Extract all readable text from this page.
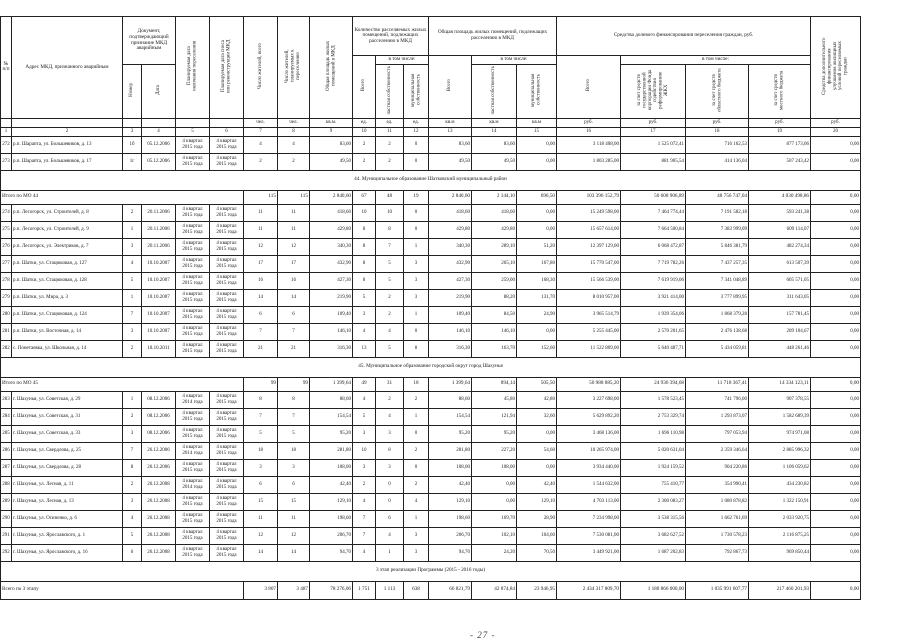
№ п/п	Адрес МКД, признанного аварийным	Документ, подтверждающий признание МКД аварийным		Планируемая дата окончания переселения	Планируемая дата сноса или реконструкции МКД	Число жителей, всего	Число жителей, планируемых к переселению	Общая площадь жилых помещений в МКД	Количество расселяемых жилых помещений, подлежащих расселению в МКД			Общая площадь жилых помещений, подлежащих расселению в МКД			Средства долевого финансирования переселения граждан, руб.				Средства дополнительного финансирования улучшения жилищных условий переселяемых граждан
									Всего	в том числе:		Всего	в том числе:		Всего	в том числе:			
		Номер	Дата							частная собственность	муниципальная собственность		частная собственность	муниципальная собственность		за счет средств государственной корпорации Фонда содействия реформированию ЖКХ	за счет средств областного бюджета	за счет средств местного бюджета	
						чел.	чел.	кв.м.	ед.	ед.	ед.	кв.м	кв.м	кв.м	руб.	руб.	руб.	руб.	руб.
1	2	3	4	5	6	7	8	9	10	11	12	13	14	15	16	17	18	19	20
272	р.п. Шарапта, ул. Большевиков, д. 13	1б	05.12.2006	4 квартал 2015 года	4 квартал 2015 года	4	4	83,60	2	2	0	83,60	83,60	0,00	3 118 408,00	1 525 072,41	716 162,53	877 173,06	0,00
273	р.п. Шарапта, ул. Большевиков, д. 17	1г	05.12.2006	4 квартал 2015 года	4 квартал 2015 года	2	2	49,50	2	2	0	49,50	49,50	0,00	1 803 285,00	881 905,54	414 136,04	507 243,42	0,00
44. Муниципальное образование Шатковский муниципальный район																			
Итого по МО 44						115	115	2 840,60	67	48	19	2 840,60	2 144,10	696,50	103 396 152,79	50 608 906,89	48 756 747,04	4 030 498,86	0,00
274	р.п. Лесогорск, ул. Строителей, д. 8	2	20.11.2006	4 квартал 2015 года	4 квартал 2015 года	11	11	418,60	10	10	0	418,60	418,60	0,00	15 249 598,00	7 464 774,44	7 191 582,18	593 241,38	0,00
275	р.п. Лесогорск, ул. Строителей, д. 9	1	20.11.2006	4 квартал 2015 года	4 квартал 2015 года	11	11	429,80	8	8	0	429,80	429,80	0,00	15 657 614,00	7 664 500,84	7 383 999,09	609 114,07	0,00
276	р.п. Лесогорск, ул. Электриков, д. 7	3	20.11.2006	4 квартал 2015 года	4 квартал 2015 года	12	12	340,30	8	7	1	340,30	289,10	51,20	12 397 129,00	6 068 472,87	5 846 381,79	482 274,34	0,00
277	р.п. Шатки, ул. Стацюковая, д. 127	4	10.10.2007	4 квартал 2015 года	4 квартал 2015 года	17	17	432,90	8	5	3	432,90	265,10	167,80	15 770 547,00	7 719 782,26	7 437 257,35	613 507,39	0,00
278	р.п. Шатки, ул. Стацюковая, д. 128	5	10.10.2007	4 квартал 2015 года	4 квартал 2015 года	16	16	427,30	8	5	3	427,30	259,00	168,30	15 566 539,00	7 619 919,06	7 341 048,89	605 571,05	0,00
279	р.п. Шатки, ул. Мира, д. 3	1	10.10.2007	4 квартал 2015 года	4 квартал 2015 года	14	14	219,90	5	2	3	219,90	88,20	131,70	8 010 957,00	3 921 414,00	3 777 899,95	311 643,05	0,00
280	р.п. Шатки, ул. Стацюковая, д. 124	7	10.10.2007	4 квартал 2015 года	4 квартал 2015 года	6	6	109,40	3	2	1	109,40	84,50	24,90	3 965 514,79	1 939 354,06	1 868 379,28	157 781,45	0,00
281	р.п. Шатки, ул. Восточная, д. 14	3	10.10.2007	4 квартал 2015 года	4 квартал 2015 года	7	7	146,10	4	4	0	146,10	146,10	0,00	5 255 445,00	2 570 201,65	2 476 138,68	209 104,67	0,00
282	с. Понетаевка, ул. Школьная, д. 14	2	18.10.2011	4 квартал 2015 года	4 квартал 2015 года	21	21	316,30	13	5	8	316,30	163,70	152,60	11 522 809,00	5 640 487,71	5 434 059,81	448 261,46	0,00
45. Муниципальное образование городской округ город Шахунья																			
Итого по МО 45						99	99	1 399,64	49	31	18	1 399,64	894,14	505,50	50 988 885,20	24 936 394,68	11 718 367,41	14 334 123,11	0,00
283	г. Шахунья, ул. Советская, д. 29	1	08.12.2006	4 квартал 2014 года	4 квартал 2015 года	8	8	88,60	4	2	2	88,60	45,80	42,80	3 227 698,00	1 578 523,45	741 796,00	907 378,55	0,00
284	г. Шахунья, ул. Советская, д. 31	2	08.12.2006	4 квартал 2015 года	4 квартал 2015 года	7	7	154,54	5	4	1	154,54	121,94	32,60	5 629 892,20	2 753 329,74	1 293 873,07	1 582 689,39	0,00
285	г. Шахунья, ул. Советская, д. 33	3	08.12.2006	4 квартал 2015 года	4 квартал 2015 года	5	5	95,20	3	3	0	95,20	95,20	0,00	3 468 136,00	1 696 110,98	797 053,94	974 971,08	0,00
286	г. Шахунья, ул. Свердлова, д. 25	7	26.12.2006	4 квартал 2014 года	4 квартал 2015 года	18	18	281,80	10	8	2	281,80	227,20	54,60	10 265 974,00	5 020 631,04	2 359 346,64	2 885 996,32	0,00
287	г. Шахунья, ул. Свердлова, д. 28	8	26.12.2006	4 квартал 2015 года	4 квартал 2015 года	3	3	108,00	3	3	0	108,00	108,00	0,00	3 934 440,00	1 924 159,52	904 220,86	1 106 059,62	0,00
288	г. Шахунья, ул. Лесная, д. 11	2	26.12.2008	4 квартал 2014 года	4 квартал 2015 года	6	6	42,40	2	0	2	42,40	0,00	42,40	1 544 632,00	755 410,77	354 990,41	434 230,82	0,00
289	г. Шахунья, ул. Лесная, д. 13	3	26.12.2008	4 квартал 2015 года	4 квартал 2015 года	15	15	129,10	4	0	4	129,10	0,00	129,10	4 703 113,00	2 300 083,27	1 080 878,82	1 322 150,91	0,00
290	г. Шахунья, ул. Осипенко, д. 6	4	26.12.2008	4 квартал 2015 года	4 квартал 2015 года	11	11	198,60	7	6	1	198,60	169,70	28,90	7 234 998,00	3 538 315,56	1 662 761,69	2 033 920,75	0,00
291	г. Шахунья, ул. Ярославского, д. 1	5	26.12.2008	4 квартал 2015 года	4 квартал 2015 года	12	12	206,70	7	4	3	206,70	102,10	104,60	7 530 081,00	3 682 627,52	1 730 578,23	2 116 875,25	0,00
292	г. Шахунья, ул. Ярославского, д. 16	6	26.12.2008	4 квартал 2015 года	4 квартал 2015 года	14	14	94,70	4	1	3	94,70	24,20	70,50	3 449 921,00	1 687 202,83	792 867,73	969 850,44	0,00
3 этап реализации Программы (2015 - 2016 годы)																			
Всего по 3 этапу						3 807	3 487	78 276,06	1 751	1 113	638	66 821,79	42 874,84	23 946,95	2 434 317 809,70	1 180 866 000,00	1 035 991 607,77	217 460 201,93	0,00
- 27 -
